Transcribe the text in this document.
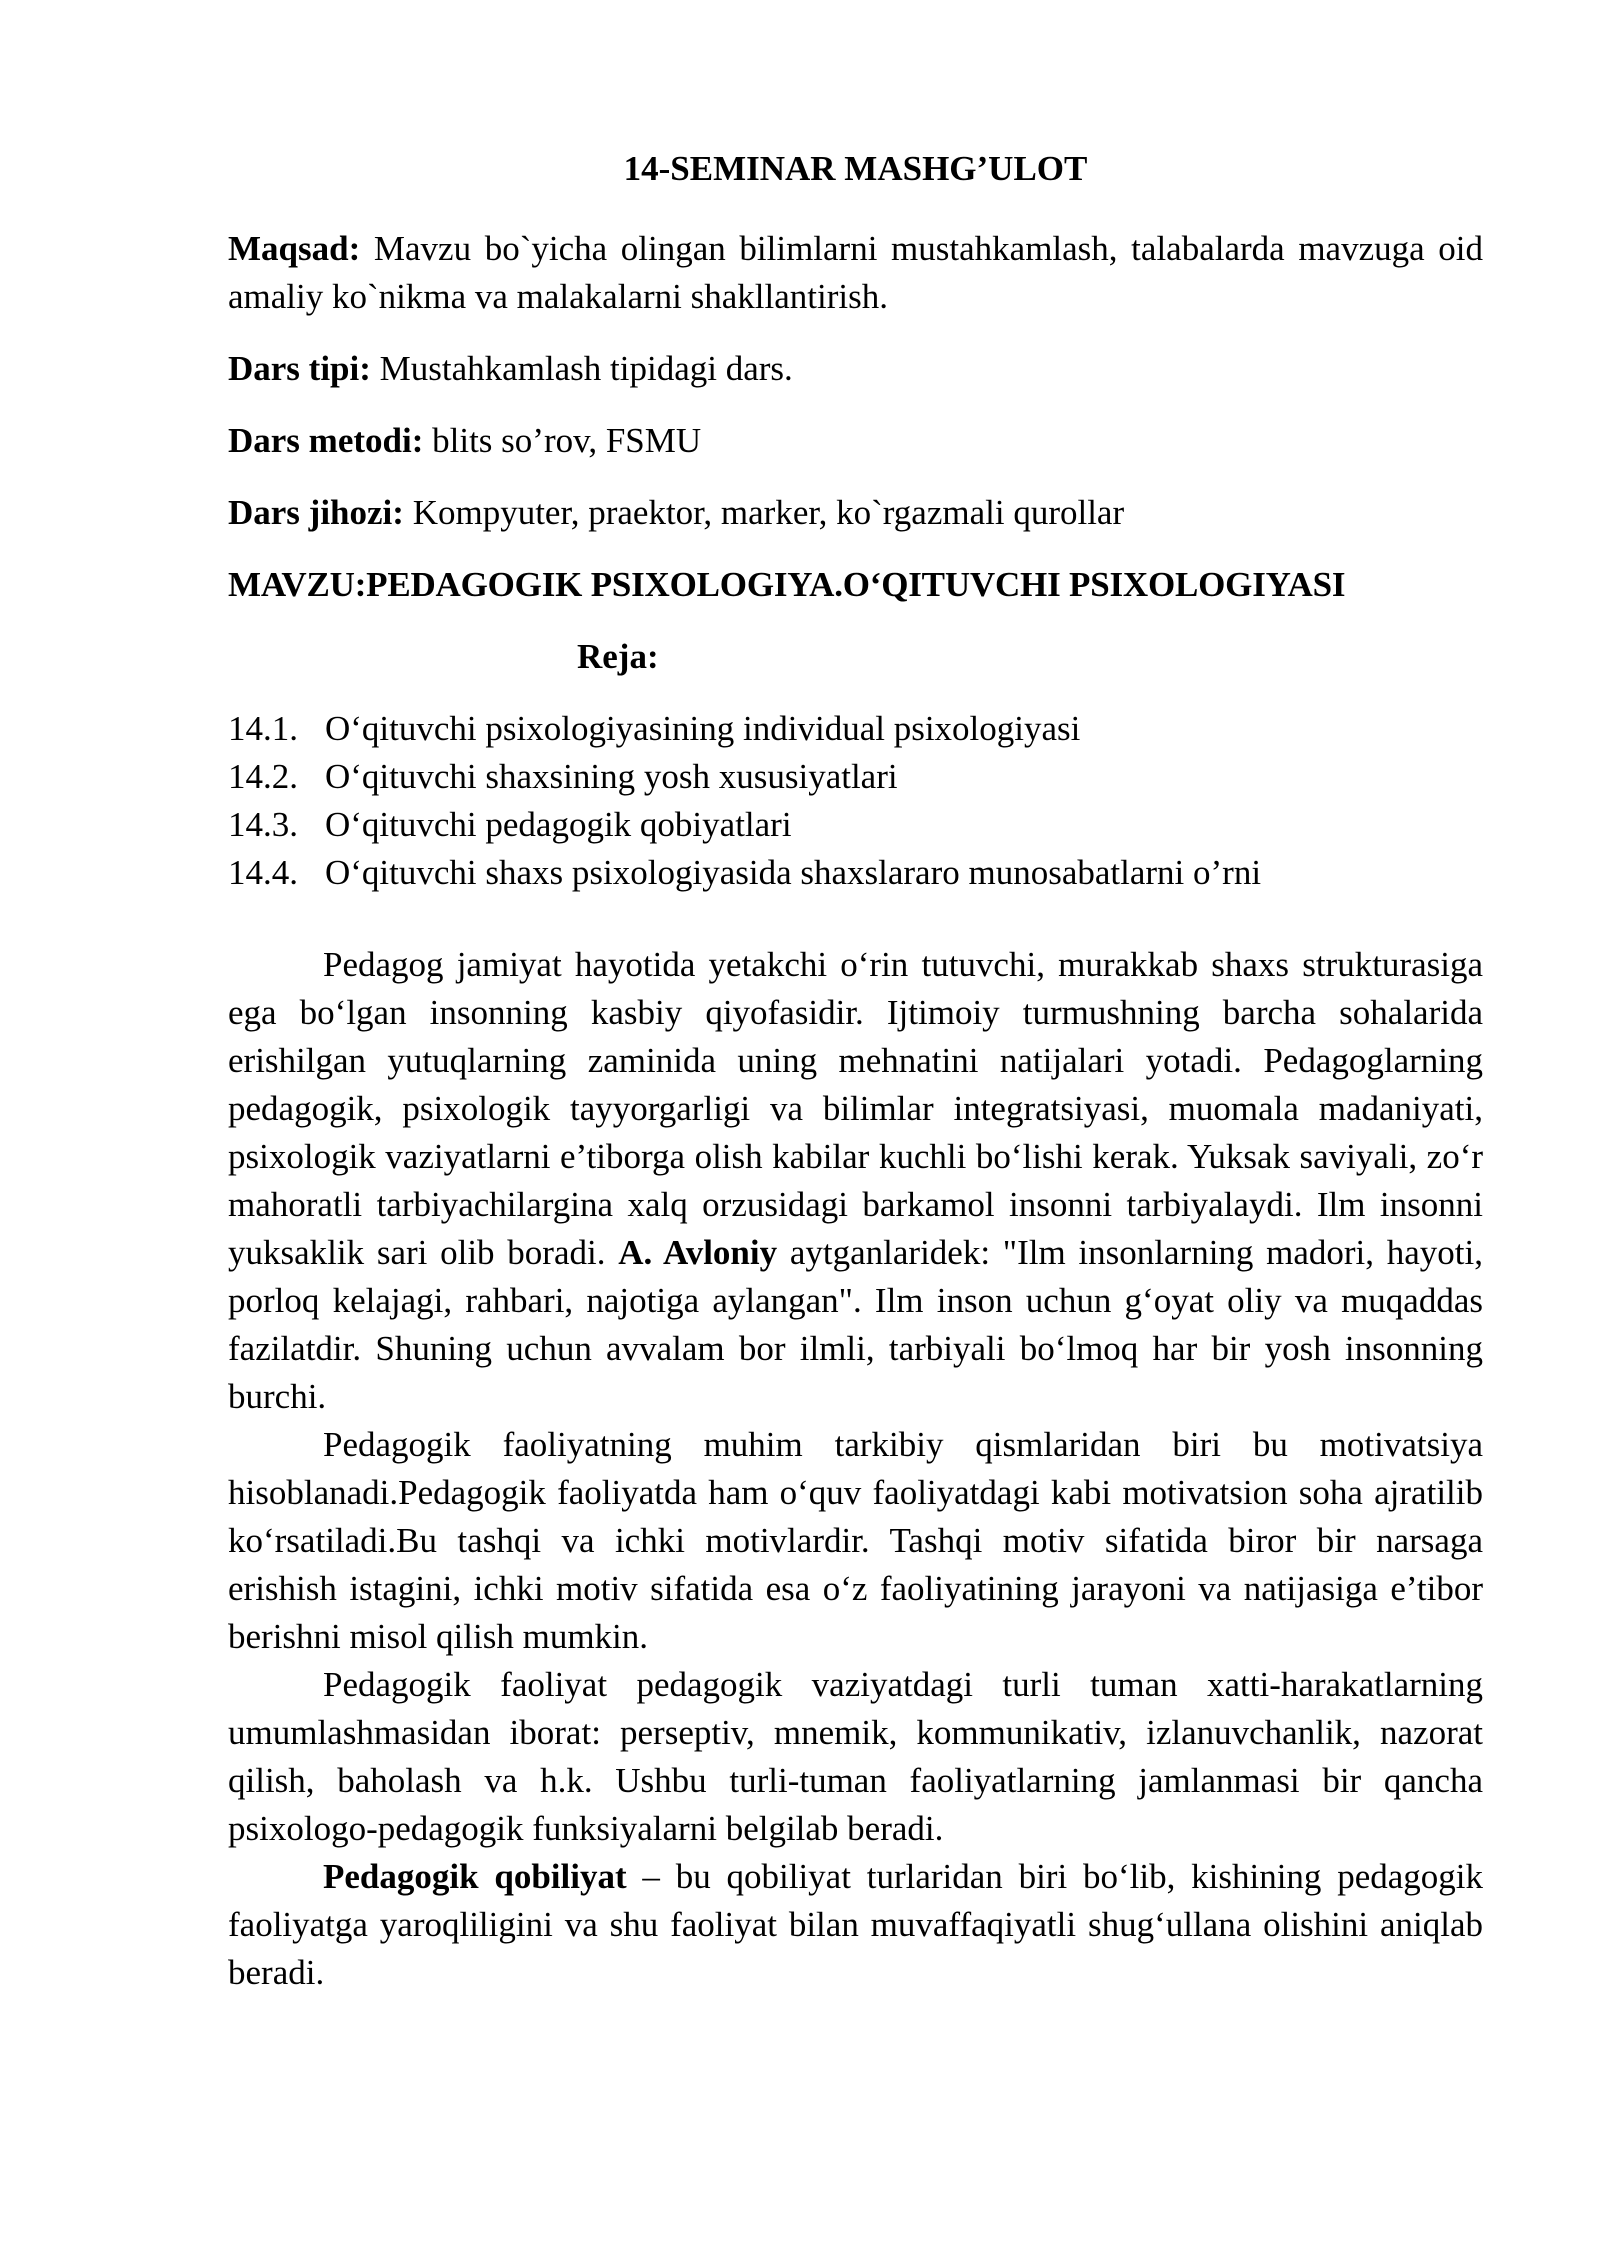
14-SEMINAR MASHG’ULOT

Maqsad: Mavzu bo`yicha olingan bilimlarni mustahkamlash, talabalarda mavzuga oid amaliy ko`nikma va malakalarni shakllantirish.

Dars tipi: Mustahkamlash tipidagi dars.

Dars metodi: blits so’rov, FSMU

Dars jihozi: Kompyuter, praektor, marker, ko`rgazmali qurollar

MAVZU:PEDAGOGIK PSIXOLOGIYA.O‘QITUVCHI PSIXOLOGIYASI

Reja:

14.1. O‘qituvchi psixologiyasining individual psixologiyasi

14.2. O‘qituvchi shaxsining yosh xususiyatlari

14.3. O‘qituvchi pedagogik qobiyatlari

14.4. O‘qituvchi shaxs psixologiyasida shaxslararo munosabatlarni o’rni

Pedagog jamiyat hayotida yetakchi o‘rin tutuvchi, murakkab shaxs strukturasiga ega bo‘lgan insonning kasbiy qiyofasidir. Ijtimoiy turmushning barcha sohalarida erishilgan yutuqlarning zaminida uning mehnatini natijalari yotadi. Pedagoglarning pedagogik, psixologik tayyorgarligi va bilimlar integratsiyasi, muomala madaniyati, psixologik vaziyatlarni e’tiborga olish kabilar kuchli bo‘lishi kerak. Yuksak saviyali, zo‘r mahoratli tarbiyachilargina xalq orzusidagi barkamol insonni tarbiyalaydi. Ilm insonni yuksaklik sari olib boradi. A. Avloniy aytganlaridek: "Ilm insonlarning madori, hayoti, porloq kelajagi, rahbari, najotiga aylangan". Ilm inson uchun g‘oyat oliy va muqaddas fazilatdir. Shuning uchun avvalam bor ilmli, tarbiyali bo‘lmoq har bir yosh insonning burchi.

Pedagogik faoliyatning muhim tarkibiy qismlaridan biri bu motivatsiya hisoblanadi.Pedagogik faoliyatda ham o‘quv faoliyatdagi kabi motivatsion soha ajratilib ko‘rsatiladi.Bu tashqi va ichki motivlardir. Tashqi motiv sifatida biror bir narsaga erishish istagini, ichki motiv sifatida esa o‘z faoliyatining jarayoni va natijasiga e’tibor berishni misol qilish mumkin.

Pedagogik faoliyat pedagogik vaziyatdagi turli tuman xatti-harakatlarning umumlashmasidan iborat: perseptiv, mnemik, kommunikativ, izlanuvchanlik, nazorat qilish, baholash va h.k. Ushbu turli-tuman faoliyatlarning jamlanmasi bir qancha psixologo-pedagogik funksiyalarni belgilab beradi.

Pedagogik qobiliyat – bu qobiliyat turlaridan biri bo‘lib, kishining pedagogik faoliyatga yaroqliligini va shu faoliyat bilan muvaffaqiyatli shug‘ullana olishini aniqlab beradi.
